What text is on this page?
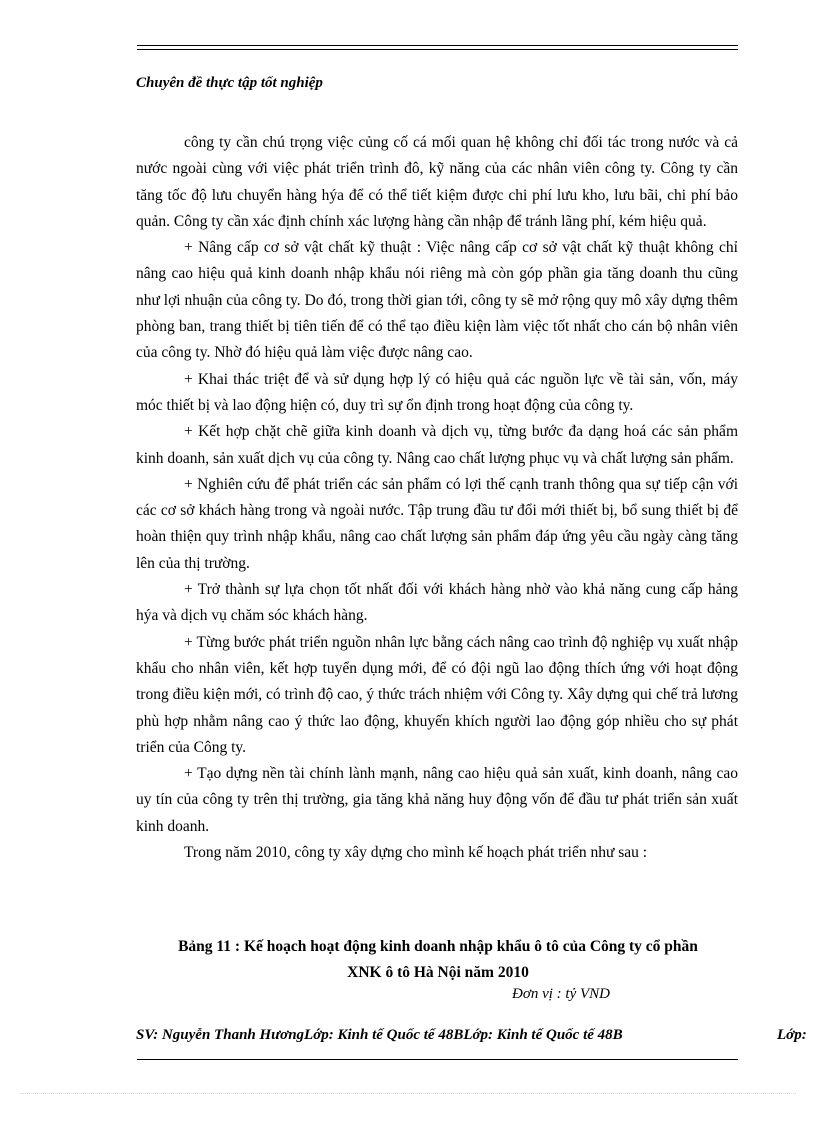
Chuyên đề thực tập tốt nghiệp

công ty cần chú trọng việc củng cố cá mối quan hệ không chỉ đối tác trong nước và cả nước ngoài cùng với việc phát triển trình đô, kỹ năng của các nhân viên công ty. Công ty cần tăng tốc độ lưu chuyển hàng hýa để có thể tiết kiệm được chi phí lưu kho, lưu bãi, chi phí bảo quản. Công ty cần xác định chính xác lượng hàng cần nhập để tránh lãng phí, kém hiệu quả.

+ Nâng cấp cơ sở vật chất kỹ thuật : Việc nâng cấp cơ sở vật chất kỹ thuật không chỉ nâng cao hiệu quả kinh doanh nhập khẩu nói riêng mà còn góp phần gia tăng doanh thu cũng như lợi nhuận của công ty. Do đó, trong thời gian tới, công ty sẽ mở rộng quy mô xây dựng thêm phòng ban, trang thiết bị tiên tiến để có thể tạo điều kiện làm việc tốt nhất cho cán bộ nhân viên của công ty. Nhờ đó hiệu quả làm việc được nâng cao.

+ Khai thác triệt để và sử dụng hợp lý có hiệu quả các nguồn lực về tài sản, vốn, máy móc thiết bị và lao động hiện có, duy trì sự ổn định trong hoạt động của công ty.

+ Kết hợp chặt chẽ giữa kinh doanh và dịch vụ, từng bước đa dạng hoá các sản phẩm kinh doanh, sản xuất dịch vụ của công ty. Nâng cao chất lượng phục vụ và chất lượng sản phẩm.

+ Nghiên cứu để phát triển các sản phẩm có lợi thế cạnh tranh thông qua sự tiếp cận với các cơ sở khách hàng trong và ngoài nước. Tập trung đầu tư đổi mới thiết bị, bổ sung thiết bị để hoàn thiện quy trình nhập khẩu, nâng cao chất lượng sản phẩm đáp ứng yêu cầu ngày càng tăng lên của thị trường.

+ Trở thành sự lựa chọn tốt nhất đối với khách hàng nhờ vào khả năng cung cấp hảng hýa và dịch vụ chăm sóc khách hàng.

+ Từng bước phát triển nguồn nhân lực bằng cách nâng cao trình độ nghiệp vụ xuất nhập khẩu cho nhân viên, kết hợp tuyển dụng mới, để có đội ngũ lao động thích ứng với hoạt động trong điều kiện mới, có trình độ cao, ý thức trách nhiệm với Công ty. Xây dựng qui chế trả lương phù hợp nhằm nâng cao ý thức lao động, khuyến khích người lao động góp nhiều cho sự phát triển của Công ty.

+ Tạo dựng nền tài chính lành mạnh, nâng cao hiệu quả sản xuất, kinh doanh, nâng cao uy tín của công ty trên thị trường, gia tăng khả năng huy động vốn để đầu tư phát triển sản xuất kinh doanh.

Trong năm 2010, công ty xây dựng cho mình kế hoạch phát triển như sau :

Bảng 11 : Kế hoạch hoạt động kinh doanh nhập khẩu ô tô của Công ty cổ phần
XNK ô tô Hà Nội năm 2010
Đơn vị : tỷ VND
SV: Nguyễn Thanh HươngLớp: Kinh tế Quốc tế 48BLớp: Kinh tế Quốc tế 48B	Lớp:
